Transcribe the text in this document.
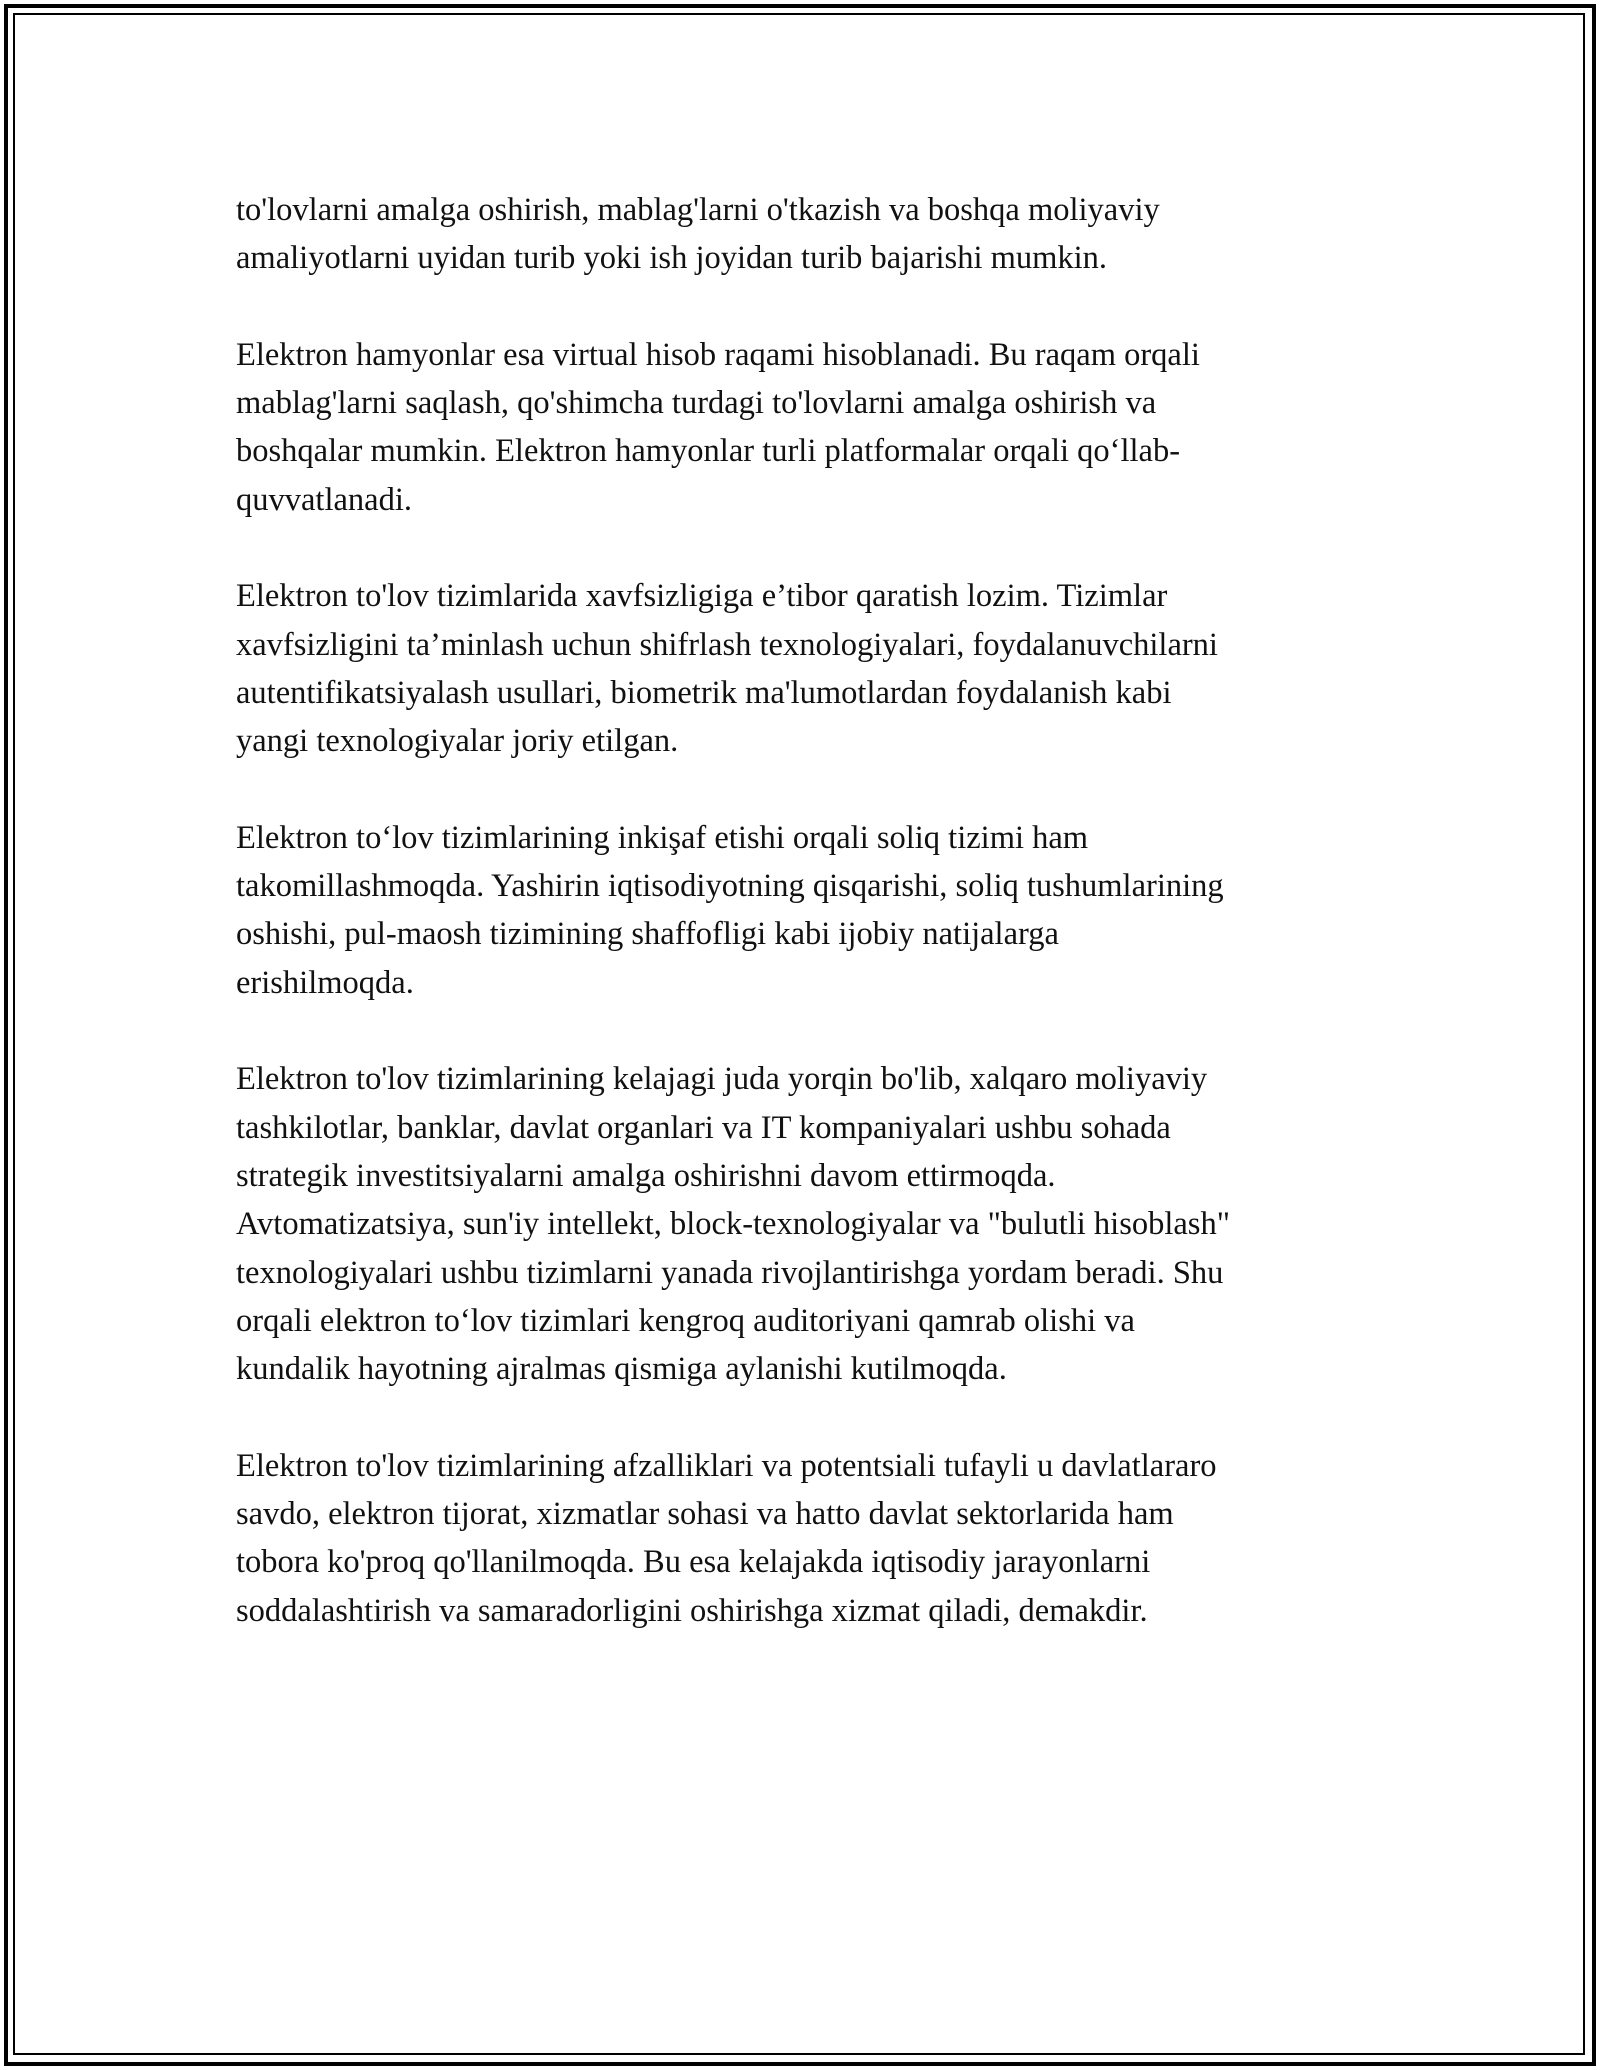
to'lovlarni amalga oshirish, mablag'larni o'tkazish va boshqa moliyaviy
amaliyotlarni uyidan turib yoki ish joyidan turib bajarishi mumkin.

Elektron hamyonlar esa virtual hisob raqami hisoblanadi. Bu raqam orqali
mablag'larni saqlash, qo'shimcha turdagi to'lovlarni amalga oshirish va
boshqalar mumkin. Elektron hamyonlar turli platformalar orqali qo‘llab-
quvvatlanadi.

Elektron to'lov tizimlarida xavfsizligiga e’tibor qaratish lozim. Tizimlar
xavfsizligini ta’minlash uchun shifrlash texnologiyalari, foydalanuvchilarni
autentifikatsiyalash usullari, biometrik ma'lumotlardan foydalanish kabi
yangi texnologiyalar joriy etilgan.

Elektron to‘lov tizimlarining inkişaf etishi orqali soliq tizimi ham
takomillashmoqda. Yashirin iqtisodiyotning qisqarishi, soliq tushumlarining
oshishi, pul-maosh tizimining shaffofligi kabi ijobiy natijalarga
erishilmoqda.

Elektron to'lov tizimlarining kelajagi juda yorqin bo'lib, xalqaro moliyaviy
tashkilotlar, banklar, davlat organlari va IT kompaniyalari ushbu sohada
strategik investitsiyalarni amalga oshirishni davom ettirmoqda.
Avtomatizatsiya, sun'iy intellekt, block-texnologiyalar va "bulutli hisoblash"
texnologiyalari ushbu tizimlarni yanada rivojlantirishga yordam beradi. Shu
orqali elektron to‘lov tizimlari kengroq auditoriyani qamrab olishi va
kundalik hayotning ajralmas qismiga aylanishi kutilmoqda.

Elektron to'lov tizimlarining afzalliklari va potentsiali tufayli u davlatlararo
savdo, elektron tijorat, xizmatlar sohasi va hatto davlat sektorlarida ham
tobora ko'proq qo'llanilmoqda. Bu esa kelajakda iqtisodiy jarayonlarni
soddalashtirish va samaradorligini oshirishga xizmat qiladi, demakdir.
